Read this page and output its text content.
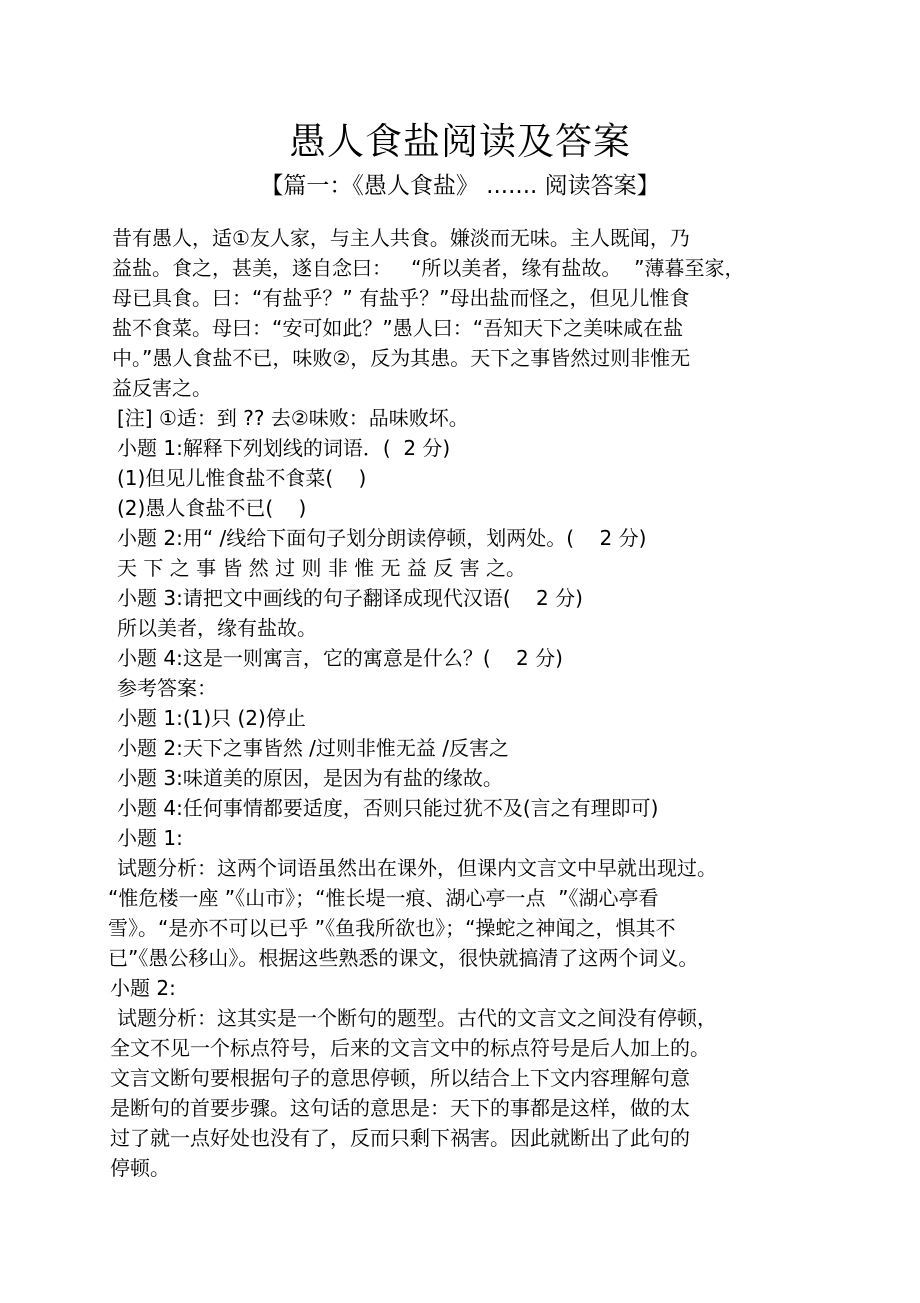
愚人食盐阅读及答案
【篇一：《愚人食盐》 ....... 阅读答案】
昔有愚人，适①友人家，与主人共食。嫌淡而无味。主人既闻，乃
益盐。食之，甚美，遂自念曰：   “所以美者，缘有盐故。  ”薄暮至家，
母已具食。曰：“有盐乎？” 有盐乎？”母出盐而怪之，但见儿惟食
盐不食菜。母曰：“安可如此？”愚人曰：“吾知天下之美味咸在盐
中。”愚人食盐不已，味败②，反为其患。天下之事皆然过则非惟无
益反害之。
[注] ①适：到 ?? 去②味败：品味败坏。
小题 1:解释下列划线的词语．(  2 分)
(1)但见儿惟食盐不食菜(    )
(2)愚人食盐不已(    )
小题 2:用“ /线给下面句子划分朗读停顿，划两处。(    2 分)
天 下 之 事 皆 然 过 则 非 惟 无 益 反 害 之。
小题 3:请把文中画线的句子翻译成现代汉语(    2 分)
所以美者，缘有盐故。
小题 4:这是一则寓言，它的寓意是什么？(    2 分)
参考答案：
小题 1:(1)只 (2)停止
小题 2:天下之事皆然 /过则非惟无益 /反害之
小题 3:味道美的原因，是因为有盐的缘故。
小题 4:任何事情都要适度，否则只能过犹不及(言之有理即可)
小题 1:
试题分析：这两个词语虽然出在课外，但课内文言文中早就出现过。
“惟危楼一座 ”《山市》；“惟长堤一痕、湖心亭一点  ”《湖心亭看
雪》。“是亦不可以已乎 ”《鱼我所欲也》；“操蛇之神闻之，惧其不
已”《愚公移山》。根据这些熟悉的课文，很快就搞清了这两个词义。
小题 2:
试题分析：这其实是一个断句的题型。古代的文言文之间没有停顿，
全文不见一个标点符号，后来的文言文中的标点符号是后人加上的。
文言文断句要根据句子的意思停顿，所以结合上下文内容理解句意
是断句的首要步骤。这句话的意思是：天下的事都是这样，做的太
过了就一点好处也没有了，反而只剩下祸害。因此就断出了此句的
停顿。
